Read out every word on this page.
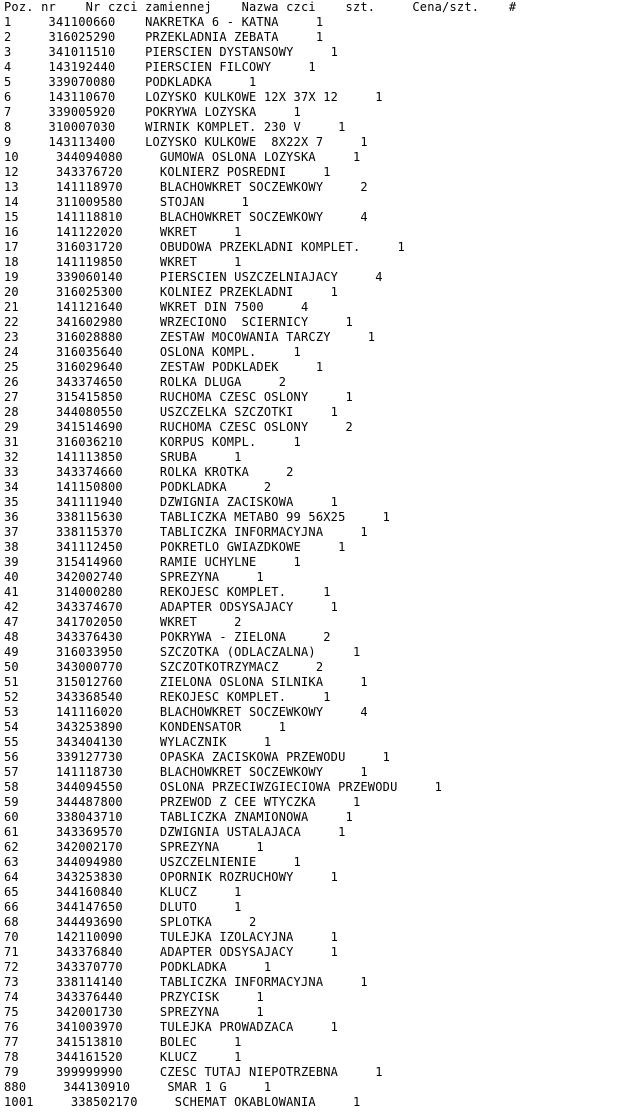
Poz. nr    Nr czci zamiennej    Nazwa czci    szt.     Cena/szt.    #
1     341100660    NAKRETKA 6 - KATNA     1
2     316025290    PRZEKLADNIA ZEBATA     1
3     341011510    PIERSCIEN DYSTANSOWY     1
4     143192440    PIERSCIEN FILCOWY     1
5     339070080    PODKLADKA     1
6     143110670    LOZYSKO KULKOWE 12X 37X 12     1
7     339005920    POKRYWA LOZYSKA     1
8     310007030    WIRNIK KOMPLET. 230 V     1
9     143113400    LOZYSKO KULKOWE  8X22X 7     1
10     344094080     GUMOWA OSLONA LOZYSKA     1
12     343376720     KOLNIERZ POSREDNI     1
13     141118970     BLACHOWKRET SOCZEWKOWY     2
14     311009580     STOJAN     1
15     141118810     BLACHOWKRET SOCZEWKOWY     4
16     141122020     WKRET     1
17     316031720     OBUDOWA PRZEKLADNI KOMPLET.     1
18     141119850     WKRET     1
19     339060140     PIERSCIEN USZCZELNIAJACY     4
20     316025300     KOLNIEZ PRZEKLADNI     1
21     141121640     WKRET DIN 7500     4
22     341602980     WRZECIONO  SCIERNICY     1
23     316028880     ZESTAW MOCOWANIA TARCZY     1
24     316035640     OSLONA KOMPL.     1
25     316029640     ZESTAW PODKLADEK     1
26     343374650     ROLKA DLUGA     2
27     315415850     RUCHOMA CZESC OSLONY     1
28     344080550     USZCZELKA SZCZOTKI     1
29     341514690     RUCHOMA CZESC OSLONY     2
31     316036210     KORPUS KOMPL.     1
32     141113850     SRUBA     1
33     343374660     ROLKA KROTKA     2
34     141150800     PODKLADKA     2
35     341111940     DZWIGNIA ZACISKOWA     1
36     338115630     TABLICZKA METABO 99 56X25     1
37     338115370     TABLICZKA INFORMACYJNA     1
38     341112450     POKRETLO GWIAZDKOWE     1
39     315414960     RAMIE UCHYLNE     1
40     342002740     SPREZYNA     1
41     314000280     REKOJESC KOMPLET.     1
42     343374670     ADAPTER ODSYSAJACY     1
47     341702050     WKRET     2
48     343376430     POKRYWA - ZIELONA     2
49     316033950     SZCZOTKA (ODLACZALNA)     1
50     343000770     SZCZOTKOTRZYMACZ     2
51     315012760     ZIELONA OSLONA SILNIKA     1
52     343368540     REKOJESC KOMPLET.     1
53     141116020     BLACHOWKRET SOCZEWKOWY     4
54     343253890     KONDENSATOR     1
55     343404130     WYLACZNIK     1
56     339127730     OPASKA ZACISKOWA PRZEWODU     1
57     141118730     BLACHOWKRET SOCZEWKOWY     1
58     344094550     OSLONA PRZECIWZGIECIOWA PRZEWODU     1
59     344487800     PRZEWOD Z CEE WTYCZKA     1
60     338043710     TABLICZKA ZNAMIONOWA     1
61     343369570     DZWIGNIA USTALAJACA     1
62     342002170     SPREZYNA     1
63     344094980     USZCZELNIENIE     1
64     343253830     OPORNIK ROZRUCHOWY     1
65     344160840     KLUCZ     1
66     344147650     DLUTO     1
68     344493690     SPLOTKA     2
70     142110090     TULEJKA IZOLACYJNA     1
71     343376840     ADAPTER ODSYSAJACY     1
72     343370770     PODKLADKA     1
73     338114140     TABLICZKA INFORMACYJNA     1
74     343376440     PRZYCISK     1
75     342001730     SPREZYNA     1
76     341003970     TULEJKA PROWADZACA     1
77     341513810     BOLEC     1
78     344161520     KLUCZ     1
79     399999990     CZESC TUTAJ NIEPOTRZEBNA     1
880     344130910     SMAR 1 G     1
1001     338502170     SCHEMAT OKABLOWANIA     1
